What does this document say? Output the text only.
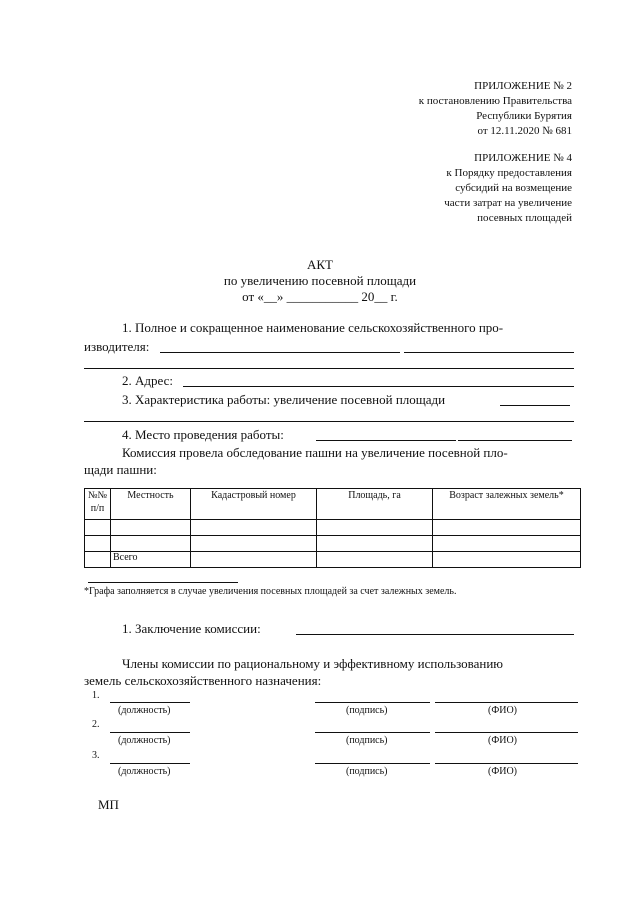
ПРИЛОЖЕНИЕ № 2
к постановлению Правительства
Республики Бурятия
от 12.11.2020 № 681
ПРИЛОЖЕНИЕ № 4
к Порядку предоставления
субсидий на возмещение
части затрат на увеличение
посевных площадей
АКТ
по увеличению посевной площади
от «__» ___________ 20__ г.
1. Полное и сокращенное наименование сельскохозяйственного про-
изводителя:
2. Адрес:
3. Характеристика работы: увеличение посевной площади
4. Место проведения работы:
Комиссия провела обследование пашни на увеличение посевной пло-
щади пашни:
№№ п/п	Местность	Кадастровый номер	Площадь, га	Возраст залежных земель*

	Всего			
*Графа заполняется в случае увеличения посевных площадей за счет залежных земель.
1. Заключение комиссии:
Члены комиссии по рациональному и эффективному использованию
земель сельскохозяйственного назначения:
1.
(должность)	(подпись)	(ФИО)
2.
(должность)	(подпись)	(ФИО)
3.
(должность)	(подпись)	(ФИО)
МП
